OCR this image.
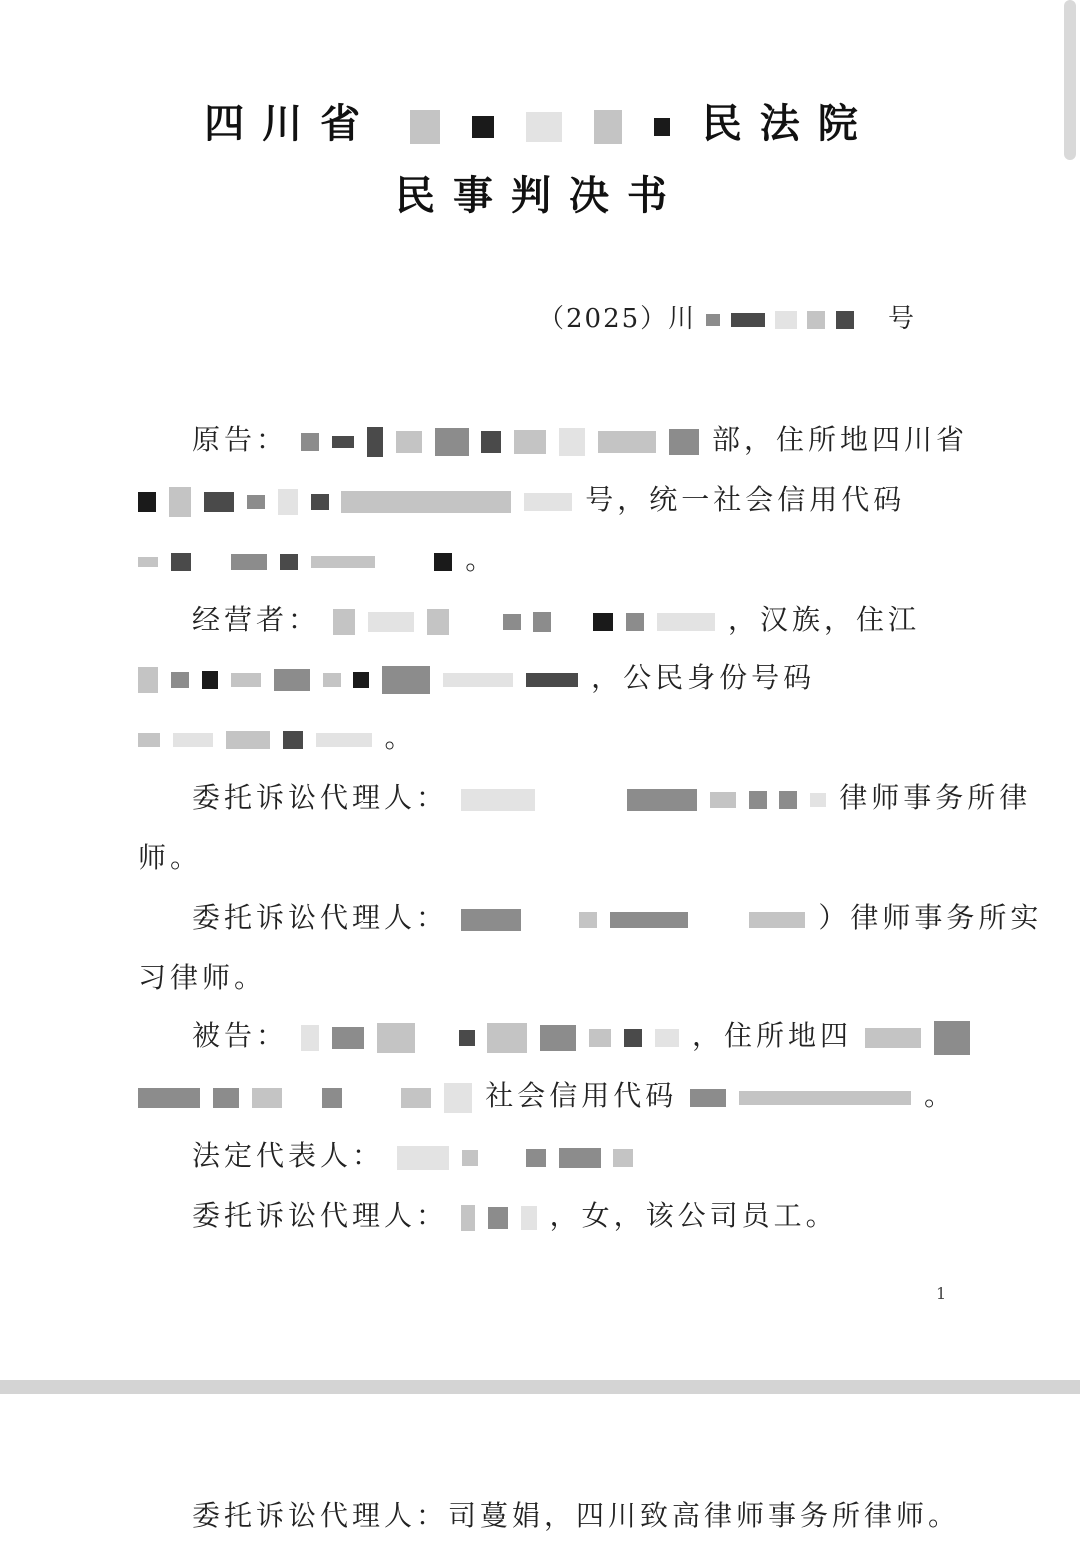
四川省	民法院
民事判决书
（2025）川	号
原告：	部，住所地四川省
号，统一社会信用代码
。
经营者：	，汉族，住江
，公民身份号码
。
委托诉讼代理人：	律师事务所律
师。
委托诉讼代理人：	）律师事务所实
习律师。
被告：	，住所地四
社会信用代码	。
法定代表人：
委托诉讼代理人：	，女，该公司员工。
1
委托诉讼代理人：司蔓娟，四川致高律师事务所律师。
